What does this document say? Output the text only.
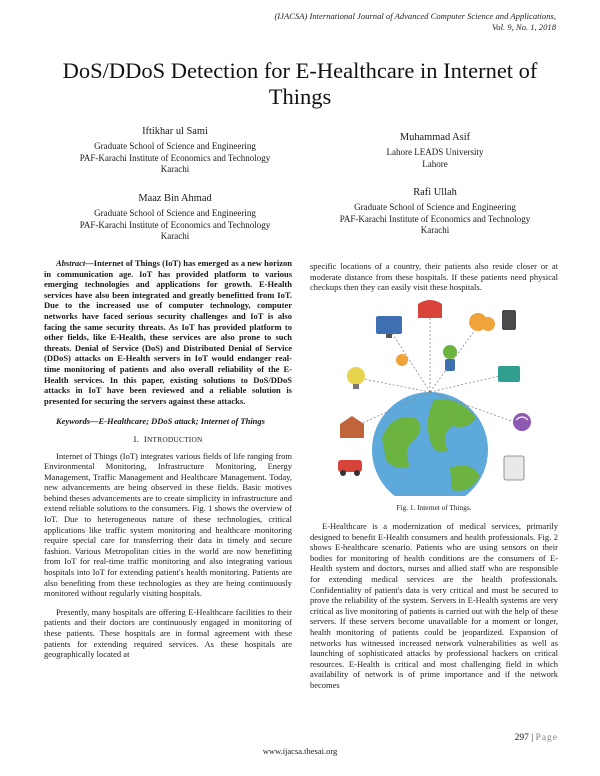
(IJACSA) International Journal of Advanced Computer Science and Applications,
Vol. 9, No. 1, 2018
DoS/DDoS Detection for E-Healthcare in Internet of Things
Iftikhar ul Sami
Graduate School of Science and Engineering
PAF-Karachi Institute of Economics and Technology
Karachi
Muhammad Asif
Lahore LEADS University
Lahore
Maaz Bin Ahmad
Graduate School of Science and Engineering
PAF-Karachi Institute of Economics and Technology
Karachi
Rafi Ullah
Graduate School of Science and Engineering
PAF-Karachi Institute of Economics and Technology
Karachi

Abstract—Internet of Things (IoT) has emerged as a new horizon in communication age. IoT has provided platform to various emerging technologies and applications for growth. E-Health services have also been integrated and greatly benefitted from IoT. Due to the increased use of computer technology, computer networks have faced serious security challenges and IoT is also facing the same security threats. As IoT has provided platform to other fields, like E-Health, these services are also prone to such threats. Denial of Service (DoS) and Distributed Denial of Service (DDoS) attacks on E-Health servers in IoT would endanger real-time monitoring of patients and also overall reliability of the E-Health services. In this paper, existing solutions to DoS/DDoS attacks in IoT have been reviewed and a reliable solution is presented for securing the servers against these attacks.

Keywords—E-Healthcare; DDoS attack; Internet of Things

I. INTRODUCTION

Internet of Things (IoT) integrates various fields of life ranging from Environmental Monitoring, Infrastructure Monitoring, Energy Management, Traffic Management and Healthcare Management. Today, new advancements are being observed in these fields. Basic motives behind theses advancements are to create simplicity in infrastructure and extend reliable solutions to the consumers. Fig. 1 shows the overview of IoT. Due to heterogeneous nature of these technologies, critical applications like traffic system monitoring and healthcare monitoring require special care for transferring their data in timely and secure fashion. Various Metropolitan cities in the world are now benefitting from IoT for real-time traffic monitoring and also integrating various hospitals into IoT for extending patient's health monitoring. Patients are also benefiting from these technologies as they are being continuously monitored without regularly visiting hospitals.

Presently, many hospitals are offering E-Healthcare facilities to their patients and their doctors are continuously engaged in monitoring of these patients. These hospitals are in formal agreement with these patients for extending required services. As these hospitals are geographically located at

specific locations of a country, their patients also reside closer or at moderate distance from these hospitals. If these patients need physical checkups then they can easily visit these hospitals.

Fig. 1. Internet of Things.

E-Healthcare is a modernization of medical services, primarily designed to benefit E-Health consumers and health professionals. Fig. 2 shows E-healthcare scenario. Patients who are using sensors on their bodies for monitoring of health conditions are the consumers of E-Health system and doctors, nurses and allied staff who are responsible for extending medical services are the health professionals. Confidentiality of patient's data is very critical and must be secured to prove the reliability of the system. Servers in E-Health systems are very critical as live monitoring of patients is carried out with the help of these servers. If these servers become unavailable for a moment or longer, health monitoring of patients could be jeopardized. Expansion of networks has witnessed increased network vulnerabilities as well as launching of sophisticated attacks by professional hackers on critical resources. E-Health is critical and most challenging field in which availability of network is of prime importance and if the network becomes

297 | Page
www.ijacsa.thesai.org
